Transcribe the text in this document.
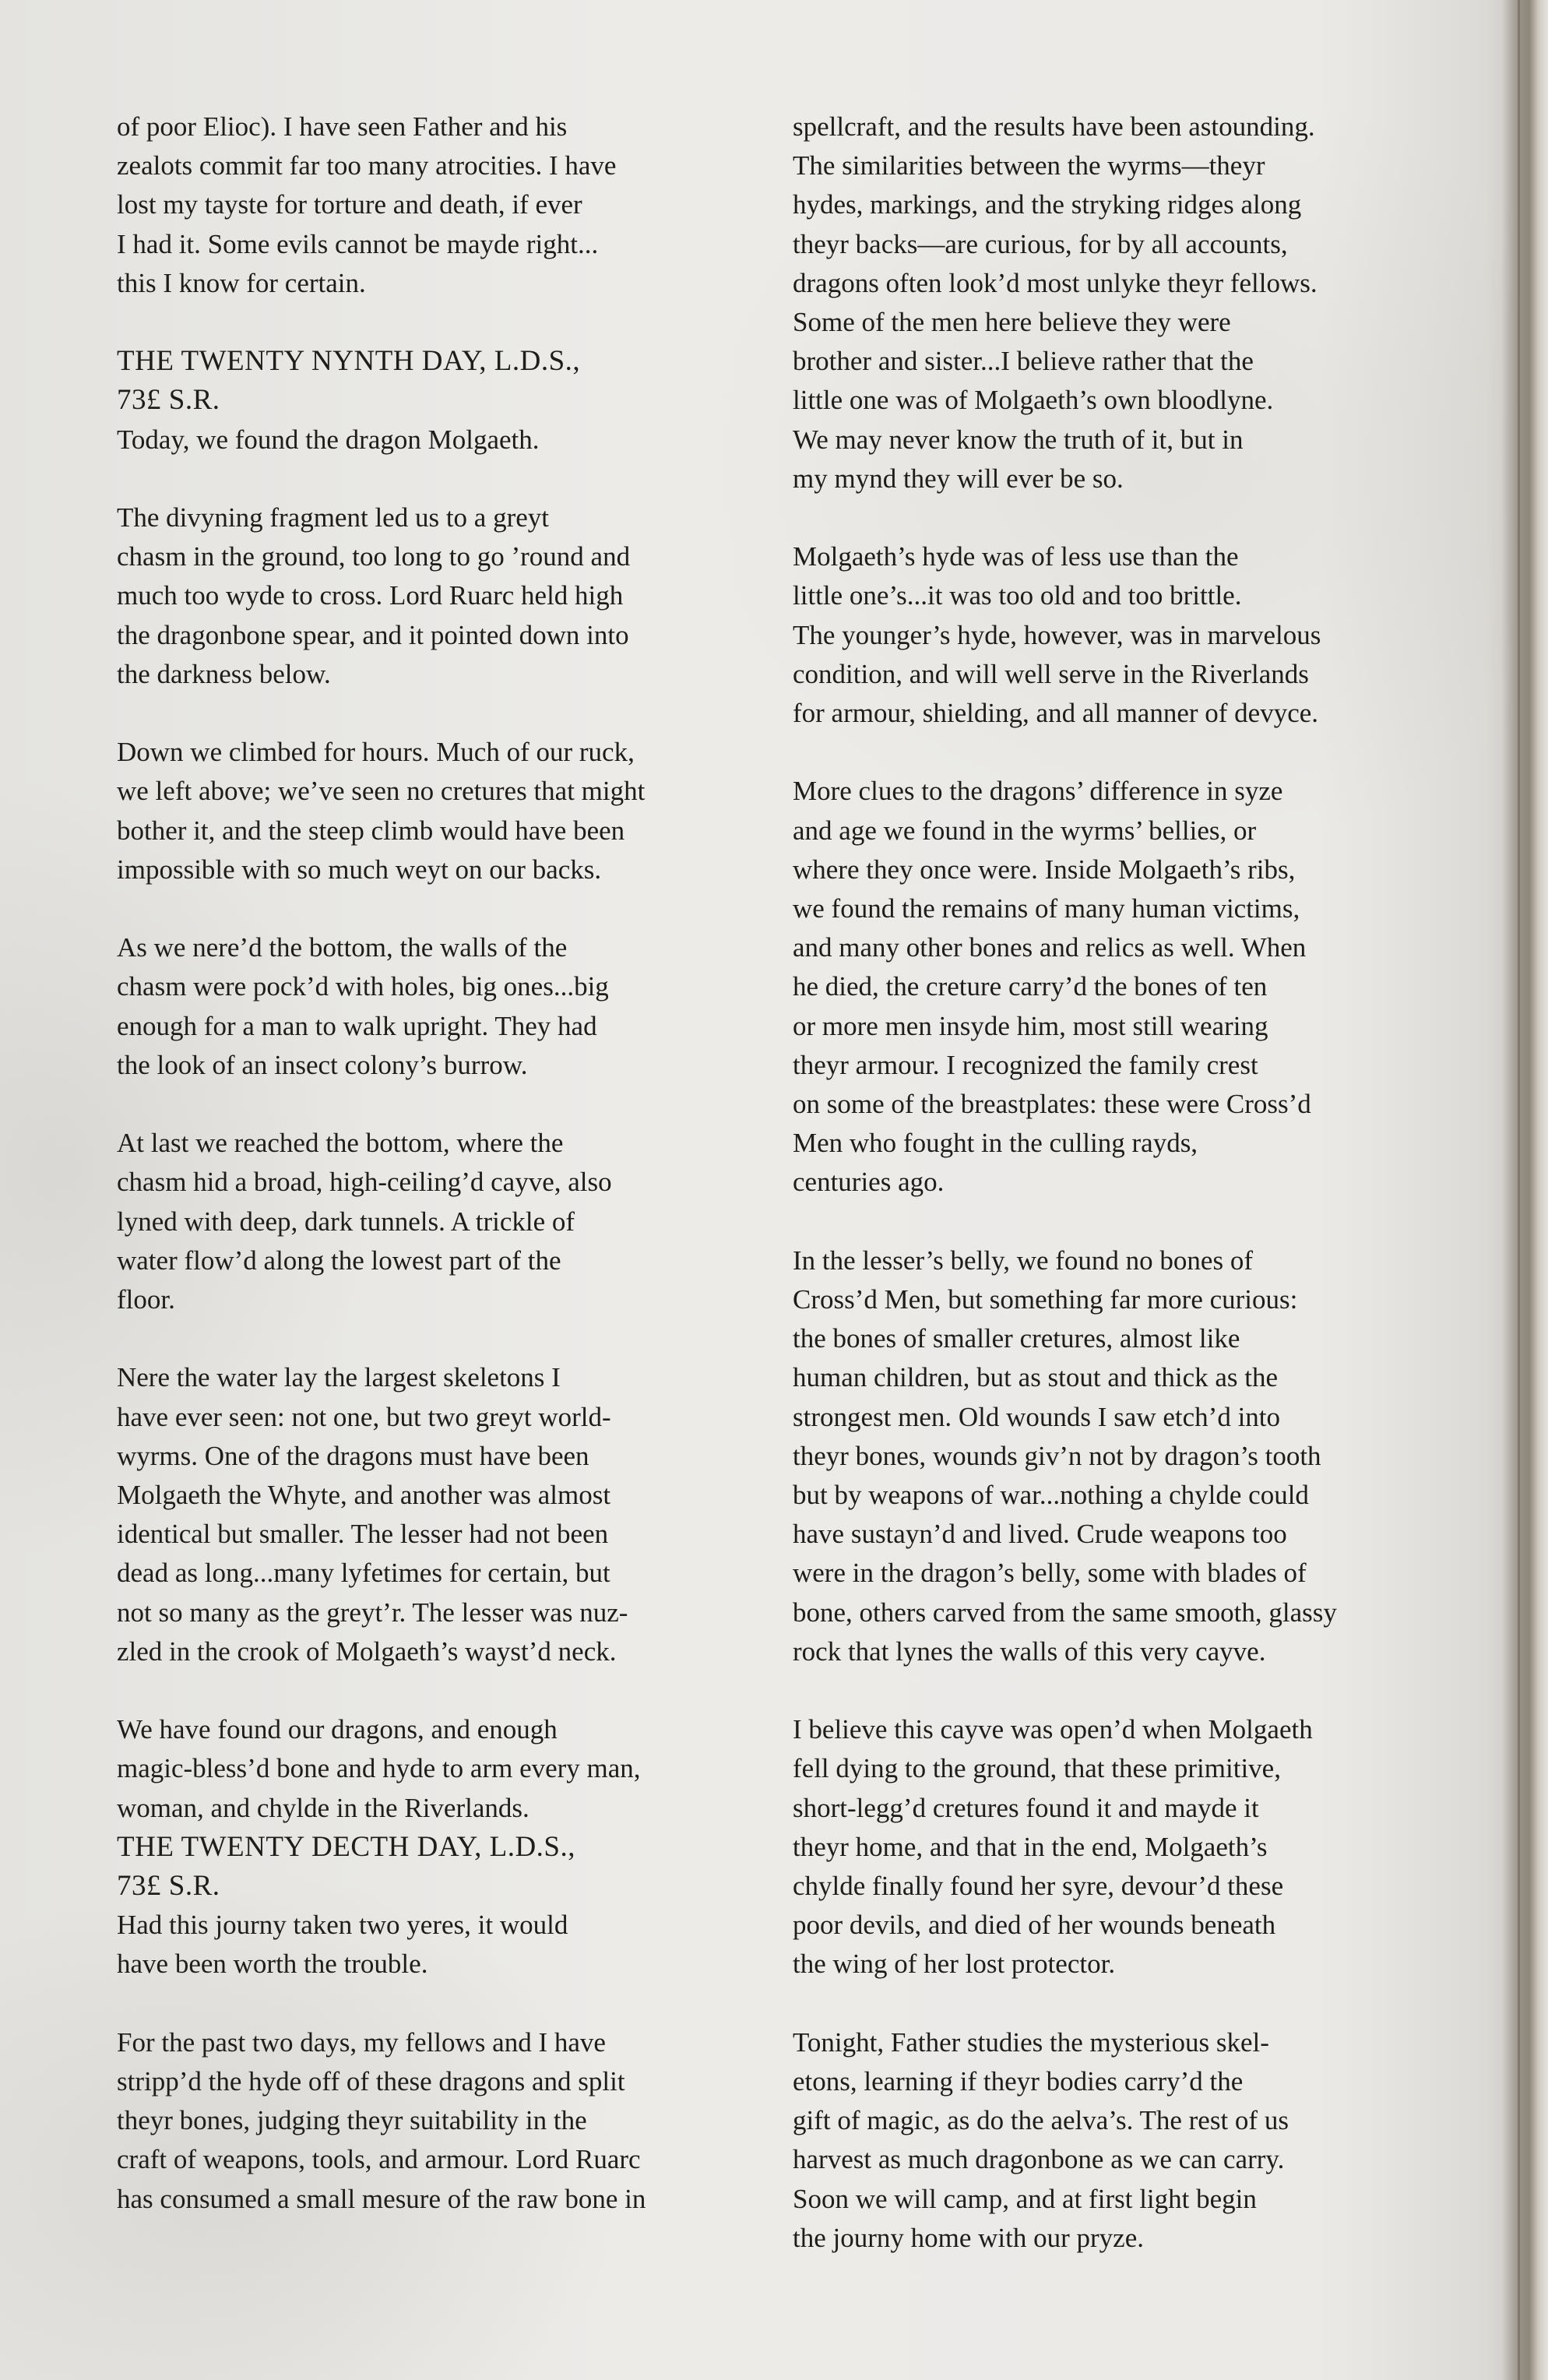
of poor Elioc). I have seen Father and his
zealots commit far too many atrocities. I have
lost my tayste for torture and death, if ever
I had it. Some evils cannot be mayde right...
this I know for certain.
THE TWENTY NYNTH DAY, L.D.S.,
73£ S.R.
Today, we found the dragon Molgaeth.
The divyning fragment led us to a greyt
chasm in the ground, too long to go ’round and
much too wyde to cross. Lord Ruarc held high
the dragonbone spear, and it pointed down into
the darkness below.
Down we climbed for hours. Much of our ruck,
we left above; we’ve seen no cretures that might
bother it, and the steep climb would have been
impossible with so much weyt on our backs.
As we nere’d the bottom, the walls of the
chasm were pock’d with holes, big ones...big
enough for a man to walk upright. They had
the look of an insect colony’s burrow.
At last we reached the bottom, where the
chasm hid a broad, high-ceiling’d cayve, also
lyned with deep, dark tunnels. A trickle of
water flow’d along the lowest part of the
floor.
Nere the water lay the largest skeletons I
have ever seen: not one, but two greyt world-
wyrms. One of the dragons must have been
Molgaeth the Whyte, and another was almost
identical but smaller. The lesser had not been
dead as long...many lyfetimes for certain, but
not so many as the greyt’r. The lesser was nuz-
zled in the crook of Molgaeth’s wayst’d neck.
We have found our dragons, and enough
magic-bless’d bone and hyde to arm every man,
woman, and chylde in the Riverlands.
THE TWENTY DECTH DAY, L.D.S.,
73£ S.R.
Had this journy taken two yeres, it would
have been worth the trouble.
For the past two days, my fellows and I have
stripp’d the hyde off of these dragons and split
theyr bones, judging theyr suitability in the
craft of weapons, tools, and armour. Lord Ruarc
has consumed a small mesure of the raw bone in
spellcraft, and the results have been astounding.
The similarities between the wyrms—theyr
hydes, markings, and the stryking ridges along
theyr backs—are curious, for by all accounts,
dragons often look’d most unlyke theyr fellows.
Some of the men here believe they were
brother and sister...I believe rather that the
little one was of Molgaeth’s own bloodlyne.
We may never know the truth of it, but in
my mynd they will ever be so.
Molgaeth’s hyde was of less use than the
little one’s...it was too old and too brittle.
The younger’s hyde, however, was in marvelous
condition, and will well serve in the Riverlands
for armour, shielding, and all manner of devyce.
More clues to the dragons’ difference in syze
and age we found in the wyrms’ bellies, or
where they once were. Inside Molgaeth’s ribs,
we found the remains of many human victims,
and many other bones and relics as well. When
he died, the creture carry’d the bones of ten
or more men insyde him, most still wearing
theyr armour. I recognized the family crest
on some of the breastplates: these were Cross’d
Men who fought in the culling rayds,
centuries ago.
In the lesser’s belly, we found no bones of
Cross’d Men, but something far more curious:
the bones of smaller cretures, almost like
human children, but as stout and thick as the
strongest men. Old wounds I saw etch’d into
theyr bones, wounds giv’n not by dragon’s tooth
but by weapons of war...nothing a chylde could
have sustayn’d and lived. Crude weapons too
were in the dragon’s belly, some with blades of
bone, others carved from the same smooth, glassy
rock that lynes the walls of this very cayve.
I believe this cayve was open’d when Molgaeth
fell dying to the ground, that these primitive,
short-legg’d cretures found it and mayde it
theyr home, and that in the end, Molgaeth’s
chylde finally found her syre, devour’d these
poor devils, and died of her wounds beneath
the wing of her lost protector.
Tonight, Father studies the mysterious skel-
etons, learning if theyr bodies carry’d the
gift of magic, as do the aelva’s. The rest of us
harvest as much dragonbone as we can carry.
Soon we will camp, and at first light begin
the journy home with our pryze.
